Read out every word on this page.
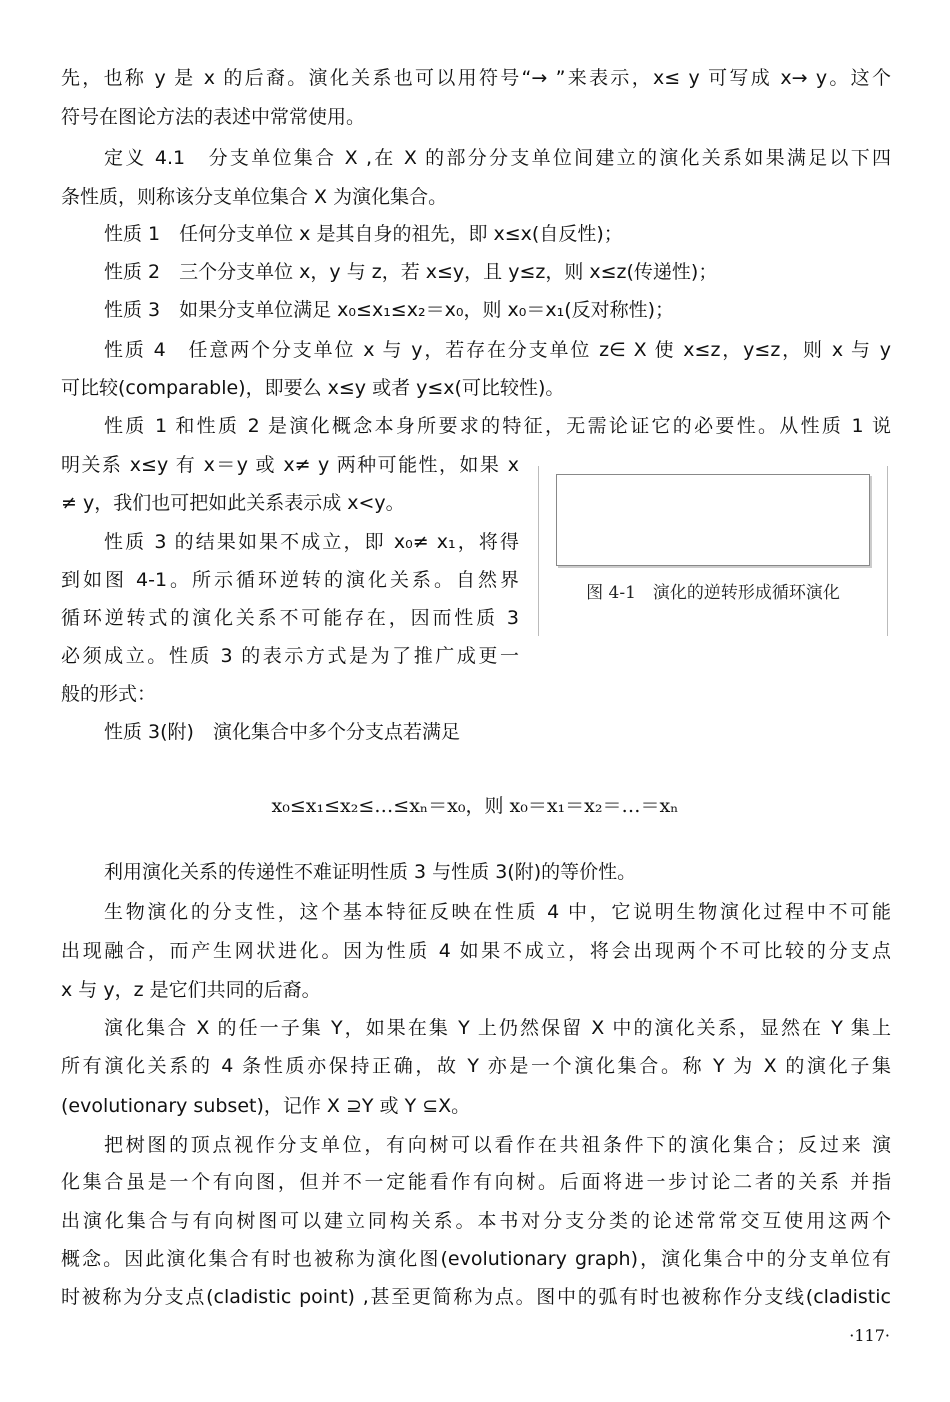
先，也称 y 是 x 的后裔。演化关系也可以用符号“→ ”来表示，x≤ y 可写成 x→ y。这个
符号在图论方法的表述中常常使用。
定义 4.1　分支单位集合 X ,在 X 的部分分支单位间建立的演化关系如果满足以下四
条性质，则称该分支单位集合 X 为演化集合。
性质 1　任何分支单位 x 是其自身的祖先，即 x≤x(自反性)；
性质 2　三个分支单位 x，y 与 z，若 x≤y，且 y≤z，则 x≤z(传递性)；
性质 3　如果分支单位满足 x₀≤x₁≤x₂＝x₀，则 x₀＝x₁(反对称性)；
性质 4　任意两个分支单位 x 与 y，若存在分支单位 z∈ X 使 x≤z，y≤z，则 x 与 y
可比较(comparable)，即要么 x≤y 或者 y≤x(可比较性)。
性质 1 和性质 2 是演化概念本身所要求的特征，无需论证它的必要性。从性质 1 说
明关系 x≤y 有 x＝y 或 x≠ y 两种可能性，如果 x
≠ y，我们也可把如此关系表示成 x<y。
性质 3 的结果如果不成立，即 x₀≠ x₁，将得
到如图 4-1。所示循环逆转的演化关系。自然界
循环逆转式的演化关系不可能存在，因而性质 3
必须成立。性质 3 的表示方式是为了推广成更一
般的形式：
性质 3(附)　演化集合中多个分支点若满足
x₀≤x₁≤x₂≤…≤xₙ＝x₀，则 x₀＝x₁＝x₂＝…＝xₙ
利用演化关系的传递性不难证明性质 3 与性质 3(附)的等价性。
生物演化的分支性，这个基本特征反映在性质 4 中，它说明生物演化过程中不可能
出现融合，而产生网状进化。因为性质 4 如果不成立，将会出现两个不可比较的分支点
x 与 y，z 是它们共同的后裔。
演化集合 X 的任一子集 Y，如果在集 Y 上仍然保留 X 中的演化关系，显然在 Y 集上
所有演化关系的 4 条性质亦保持正确，故 Y 亦是一个演化集合。称 Y 为 X 的演化子集
(evolutionary subset)，记作 X ⊇Y 或 Y ⊆X。
把树图的顶点视作分支单位，有向树可以看作在共祖条件下的演化集合；反过来 演
化集合虽是一个有向图，但并不一定能看作有向树。后面将进一步讨论二者的关系 并指
出演化集合与有向树图可以建立同构关系。本书对分支分类的论述常常交互使用这两个
概念。因此演化集合有时也被称为演化图(evolutionary graph)，演化集合中的分支单位有
时被称为分支点(cladistic point) ,甚至更简称为点。图中的弧有时也被称作分支线(cladistic
图 4-1　演化的逆转形成循环演化
·117·
